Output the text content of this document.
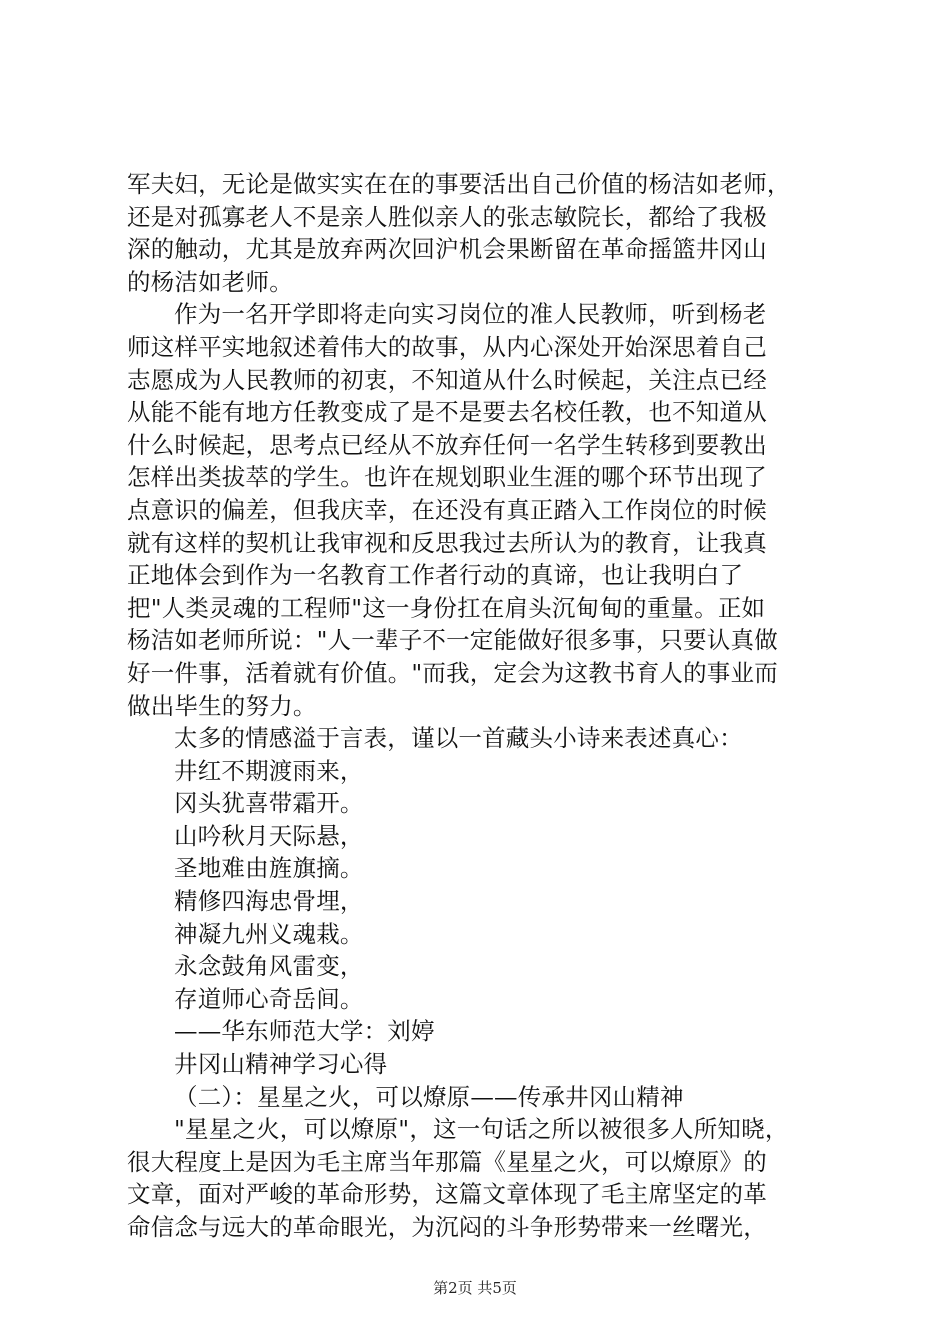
军夫妇，无论是做实实在在的事要活出自己价值的杨洁如老师，
还是对孤寡老人不是亲人胜似亲人的张志敏院长，都给了我极
深的触动，尤其是放弃两次回沪机会果断留在革命摇篮井冈山
的杨洁如老师。
作为一名开学即将走向实习岗位的准人民教师，听到杨老
师这样平实地叙述着伟大的故事，从内心深处开始深思着自己
志愿成为人民教师的初衷，不知道从什么时候起，关注点已经
从能不能有地方任教变成了是不是要去名校任教，也不知道从
什么时候起，思考点已经从不放弃任何一名学生转移到要教出
怎样出类拔萃的学生。也许在规划职业生涯的哪个环节出现了
点意识的偏差，但我庆幸，在还没有真正踏入工作岗位的时候
就有这样的契机让我审视和反思我过去所认为的教育，让我真
正地体会到作为一名教育工作者行动的真谛，也让我明白了
把"人类灵魂的工程师"这一身份扛在肩头沉甸甸的重量。正如
杨洁如老师所说："人一辈子不一定能做好很多事，只要认真做
好一件事，活着就有价值。"而我，定会为这教书育人的事业而
做出毕生的努力。
太多的情感溢于言表，谨以一首藏头小诗来表述真心：
井红不期渡雨来，
冈头犹喜带霜开。
山吟秋月天际悬，
圣地难由旌旗摘。
精修四海忠骨埋，
神凝九州义魂栽。
永念鼓角风雷变，
存道师心奇岳间。
——华东师范大学：刘婷
井冈山精神学习心得
（二）：星星之火，可以燎原——传承井冈山精神
"星星之火，可以燎原"，这一句话之所以被很多人所知晓，
很大程度上是因为毛主席当年那篇《星星之火，可以燎原》的
文章，面对严峻的革命形势，这篇文章体现了毛主席坚定的革
命信念与远大的革命眼光，为沉闷的斗争形势带来一丝曙光，
第2页 共5页
